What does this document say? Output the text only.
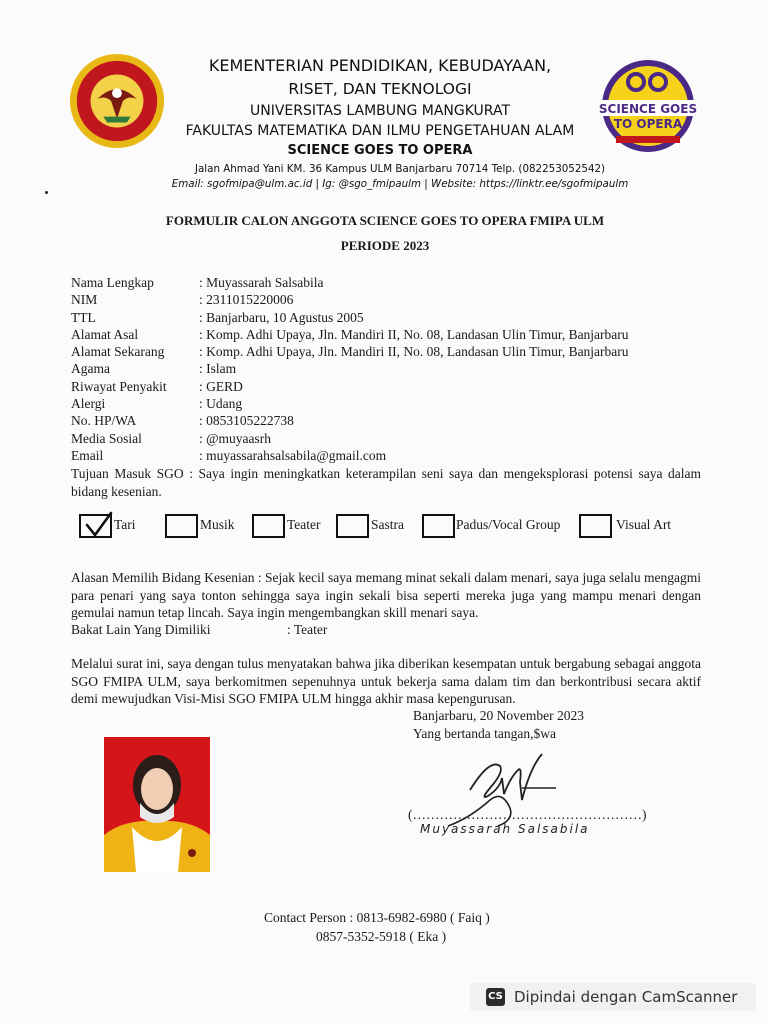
SCIENCE GOES
TO OPERA
KEMENTERIAN PENDIDIKAN, KEBUDAYAAN,
RISET, DAN TEKNOLOGI
UNIVERSITAS LAMBUNG MANGKURAT
FAKULTAS MATEMATIKA DAN ILMU PENGETAHUAN ALAM
SCIENCE GOES TO OPERA
Jalan Ahmad Yani KM. 36 Kampus ULM Banjarbaru 70714 Telp. (082253052542)
Email: sgofmipa@ulm.ac.id | Ig: @sgo_fmipaulm | Website: https://linktr.ee/sgofmipaulm
FORMULIR CALON ANGGOTA SCIENCE GOES TO OPERA FMIPA ULM
PERIODE 2023
Nama Lengkap	: Muyassarah Salsabila
NIM	: 2311015220006
TTL	: Banjarbaru, 10 Agustus 2005
Alamat Asal	: Komp. Adhi Upaya, Jln. Mandiri II, No. 08, Landasan Ulin Timur, Banjarbaru
Alamat Sekarang	: Komp. Adhi Upaya, Jln. Mandiri II, No. 08, Landasan Ulin Timur, Banjarbaru
Agama	: Islam
Riwayat Penyakit : GERD
Alergi	: Udang
No. HP/WA	: 0853105222738
Media Sosial	: @muyaasrh
Email	: muyassarahsalsabila@gmail.com
Tujuan Masuk SGO : Saya ingin meningkatkan keterampilan seni saya dan mengeksplorasi potensi saya dalam bidang kesenian.
Tari	Musik	Teater	Sastra	Padus/Vocal Group	Visual Art
Alasan Memilih Bidang Kesenian : Sejak kecil saya memang minat sekali dalam menari, saya juga selalu mengagmi para penari yang saya tonton sehingga saya ingin sekali bisa seperti mereka juga yang mampu menari dengan gemulai namun tetap lincah. Saya ingin mengembangkan skill menari saya.
Bakat Lain Yang Dimiliki	: Teater
Melalui surat ini, saya dengan tulus menyatakan bahwa jika diberikan kesempatan untuk bergabung sebagai anggota SGO FMIPA ULM, saya berkomitmen sepenuhnya untuk bekerja sama dalam tim dan berkontribusi secara aktif demi mewujudkan Visi-Misi SGO FMIPA ULM hingga akhir masa kepengurusan.
Banjarbaru, 20 November 2023
Yang bertanda tangan,$wa
(……………………………………………)
Muyassarah Salsabila
Contact Person : 0813-6982-6980 ( Faiq )
0857-5352-5918 ( Eka )
CS Dipindai dengan CamScanner
